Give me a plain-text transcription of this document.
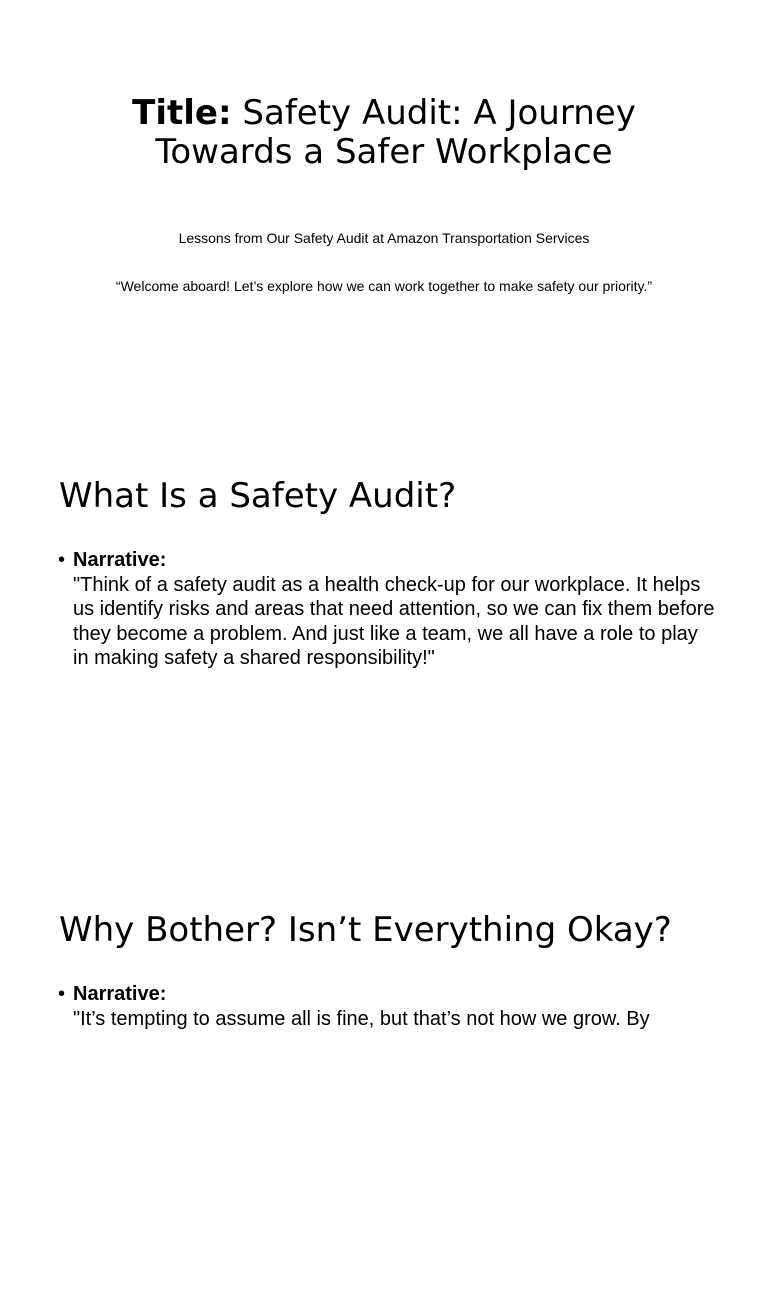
Title: Safety Audit: A Journey Towards a Safer Workplace
Lessons from Our Safety Audit at Amazon Transportation Services
“Welcome aboard! Let’s explore how we can work together to make safety our priority.”
What Is a Safety Audit?
• Narrative:
"Think of a safety audit as a health check-up for our workplace. It helps us identify risks and areas that need attention, so we can fix them before they become a problem. And just like a team, we all have a role to play in making safety a shared responsibility!"
Why Bother? Isn’t Everything Okay?
• Narrative:
"It’s tempting to assume all is fine, but that’s not how we grow. By
